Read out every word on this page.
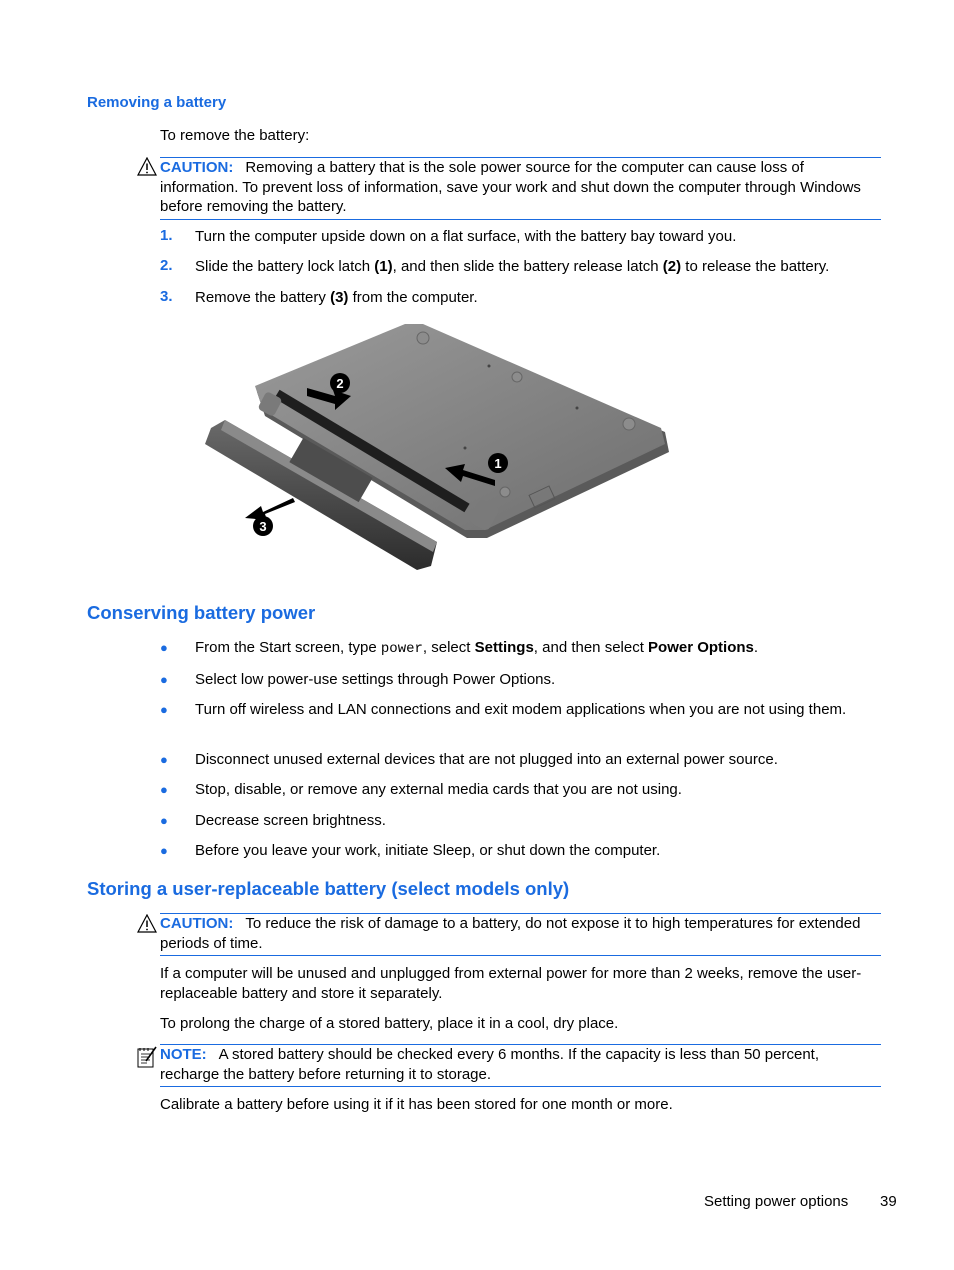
Removing a battery
To remove the battery:
CAUTION: Removing a battery that is the sole power source for the computer can cause loss of information. To prevent loss of information, save your work and shut down the computer through Windows before removing the battery.
1. Turn the computer upside down on a flat surface, with the battery bay toward you.
2. Slide the battery lock latch (1), and then slide the battery release latch (2) to release the battery.
3. Remove the battery (3) from the computer.
2
1
3
Conserving battery power
● From the Start screen, type power, select Settings, and then select Power Options.
● Select low power-use settings through Power Options.
● Turn off wireless and LAN connections and exit modem applications when you are not using them.
● Disconnect unused external devices that are not plugged into an external power source.
● Stop, disable, or remove any external media cards that you are not using.
● Decrease screen brightness.
● Before you leave your work, initiate Sleep, or shut down the computer.
Storing a user-replaceable battery (select models only)
CAUTION: To reduce the risk of damage to a battery, do not expose it to high temperatures for extended periods of time.
If a computer will be unused and unplugged from external power for more than 2 weeks, remove the user-replaceable battery and store it separately.
To prolong the charge of a stored battery, place it in a cool, dry place.
NOTE: A stored battery should be checked every 6 months. If the capacity is less than 50 percent, recharge the battery before returning it to storage.
Calibrate a battery before using it if it has been stored for one month or more.
Setting power options 39
